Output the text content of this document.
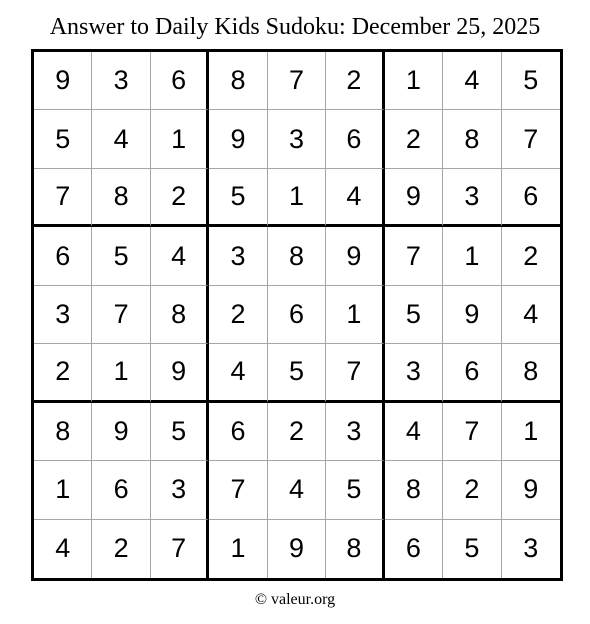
Answer to Daily Kids Sudoku: December 25, 2025
9	3	6	8	7	2	1	4	5
5	4	1	9	3	6	2	8	7
7	8	2	5	1	4	9	3	6
6	5	4	3	8	9	7	1	2
3	7	8	2	6	1	5	9	4
2	1	9	4	5	7	3	6	8
8	9	5	6	2	3	4	7	1
1	6	3	7	4	5	8	2	9
4	2	7	1	9	8	6	5	3
© valeur.org
